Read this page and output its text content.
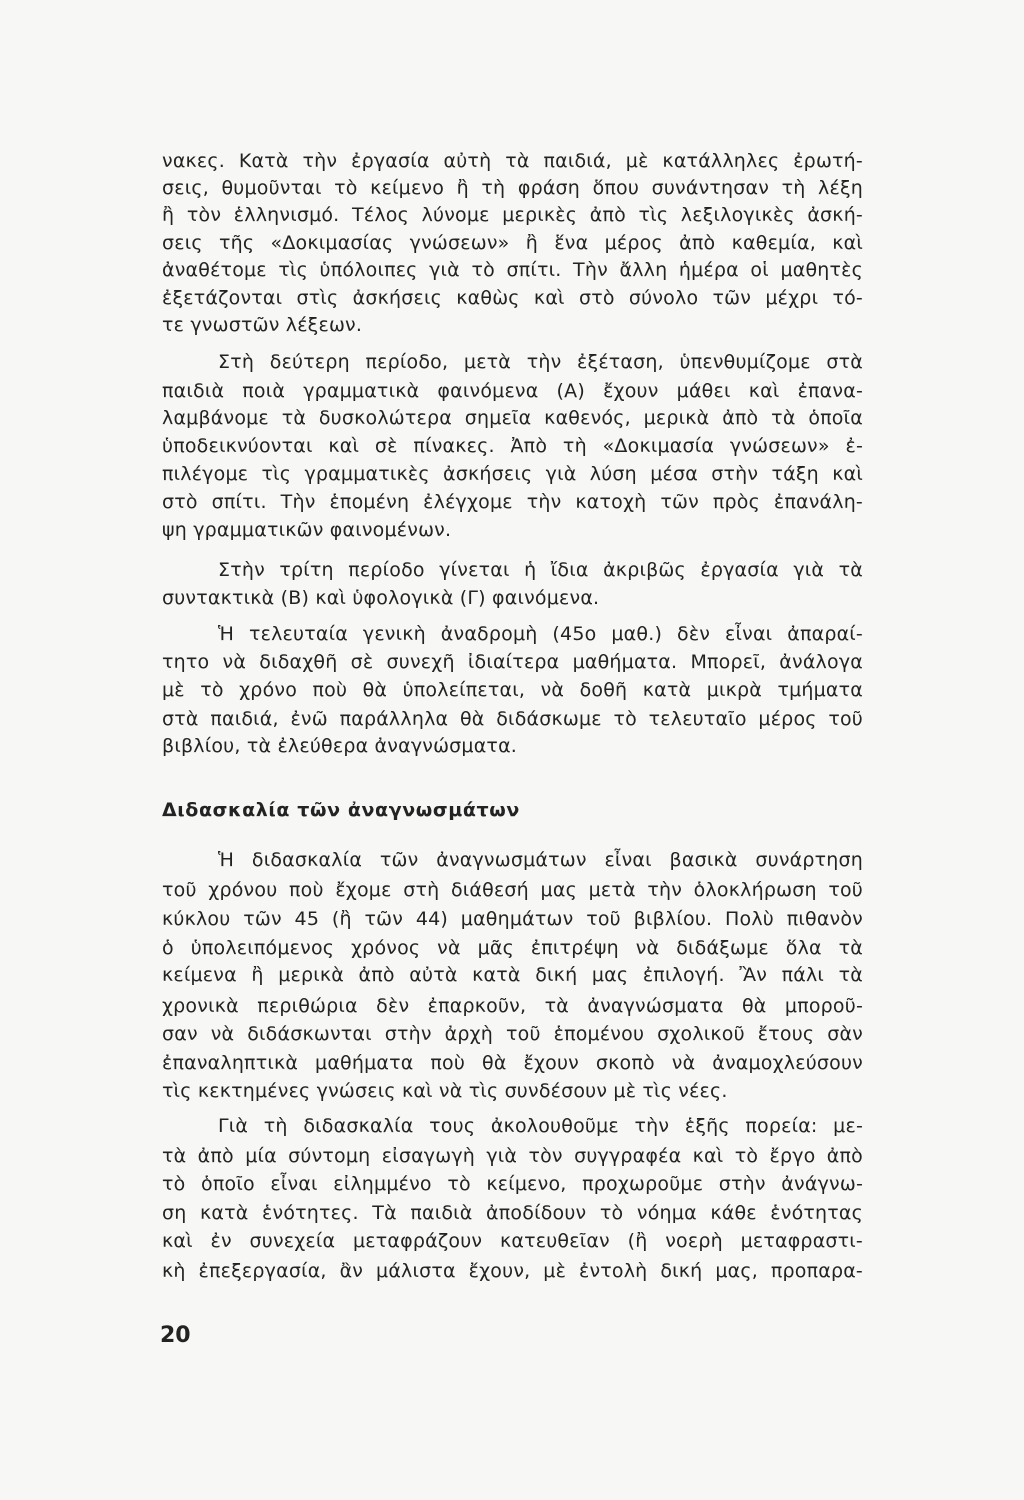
νακες. Κατὰ τὴν ἐργασία αὐτὴ τὰ παιδιά, μὲ κατάλληλες ἐρωτή-
σεις, θυμοῦνται τὸ κείμενο ἢ τὴ φράση ὅπου συνάντησαν τὴ λέξη
ἢ τὸν ἑλληνισμό. Τέλος λύνομε μερικὲς ἀπὸ τὶς λεξιλογικὲς ἀσκή-
σεις τῆς «Δοκιμασίας γνώσεων» ἢ ἕνα μέρος ἀπὸ καθεμία, καὶ
ἀναθέτομε τὶς ὑπόλοιπες γιὰ τὸ σπίτι. Τὴν ἄλλη ἡμέρα οἱ μαθητὲς
ἐξετάζονται στὶς ἀσκήσεις καθὼς καὶ στὸ σύνολο τῶν μέχρι τό-
τε γνωστῶν λέξεων.
Στὴ δεύτερη περίοδο, μετὰ τὴν ἐξέταση, ὑπενθυμίζομε στὰ
παιδιὰ ποιὰ γραμματικὰ φαινόμενα (Α) ἔχουν μάθει καὶ ἐπανα-
λαμβάνομε τὰ δυσκολώτερα σημεῖα καθενός, μερικὰ ἀπὸ τὰ ὁποῖα
ὑποδεικνύονται καὶ σὲ πίνακες. Ἀπὸ τὴ «Δοκιμασία γνώσεων» ἐ-
πιλέγομε τὶς γραμματικὲς ἀσκήσεις γιὰ λύση μέσα στὴν τάξη καὶ
στὸ σπίτι. Τὴν ἑπομένη ἐλέγχομε τὴν κατοχὴ τῶν πρὸς ἐπανάλη-
ψη γραμματικῶν φαινομένων.
Στὴν τρίτη περίοδο γίνεται ἡ ἴδια ἀκριβῶς ἐργασία γιὰ τὰ
συντακτικὰ (Β) καὶ ὑφολογικὰ (Γ) φαινόμενα.
Ἡ τελευταία γενικὴ ἀναδρομὴ (45ο μαθ.) δὲν εἶναι ἀπαραί-
τητο νὰ διδαχθῆ σὲ συνεχῆ ἰδιαίτερα μαθήματα. Μπορεῖ, ἀνάλογα
μὲ τὸ χρόνο ποὺ θὰ ὑπολείπεται, νὰ δοθῆ κατὰ μικρὰ τμήματα
στὰ παιδιά, ἐνῶ παράλληλα θὰ διδάσκωμε τὸ τελευταῖο μέρος τοῦ
βιβλίου, τὰ ἐλεύθερα ἀναγνώσματα.
Διδασκαλία τῶν ἀναγνωσμάτων
Ἡ διδασκαλία τῶν ἀναγνωσμάτων εἶναι βασικὰ συνάρτηση
τοῦ χρόνου ποὺ ἔχομε στὴ διάθεσή μας μετὰ τὴν ὁλοκλήρωση τοῦ
κύκλου τῶν 45 (ἢ τῶν 44) μαθημάτων τοῦ βιβλίου. Πολὺ πιθανὸν
ὁ ὑπολειπόμενος χρόνος νὰ μᾶς ἐπιτρέψη νὰ διδάξωμε ὅλα τὰ
κείμενα ἢ μερικὰ ἀπὸ αὐτὰ κατὰ δική μας ἐπιλογή. Ἂν πάλι τὰ
χρονικὰ περιθώρια δὲν ἐπαρκοῦν, τὰ ἀναγνώσματα θὰ μποροῦ-
σαν νὰ διδάσκωνται στὴν ἀρχὴ τοῦ ἑπομένου σχολικοῦ ἔτους σὰν
ἐπαναληπτικὰ μαθήματα ποὺ θὰ ἔχουν σκοπὸ νὰ ἀναμοχλεύσουν
τὶς κεκτημένες γνώσεις καὶ νὰ τὶς συνδέσουν μὲ τὶς νέες.
Γιὰ τὴ διδασκαλία τους ἀκολουθοῦμε τὴν ἑξῆς πορεία: με-
τὰ ἀπὸ μία σύντομη εἰσαγωγὴ γιὰ τὸν συγγραφέα καὶ τὸ ἔργο ἀπὸ
τὸ ὁποῖο εἶναι εἰλημμένο τὸ κείμενο, προχωροῦμε στὴν ἀνάγνω-
ση κατὰ ἑνότητες. Τὰ παιδιὰ ἀποδίδουν τὸ νόημα κάθε ἑνότητας
καὶ ἐν συνεχεία μεταφράζουν κατευθεῖαν (ἢ νοερὴ μεταφραστι-
κὴ ἐπεξεργασία, ἂν μάλιστα ἔχουν, μὲ ἐντολὴ δική μας, προπαρα-
20
